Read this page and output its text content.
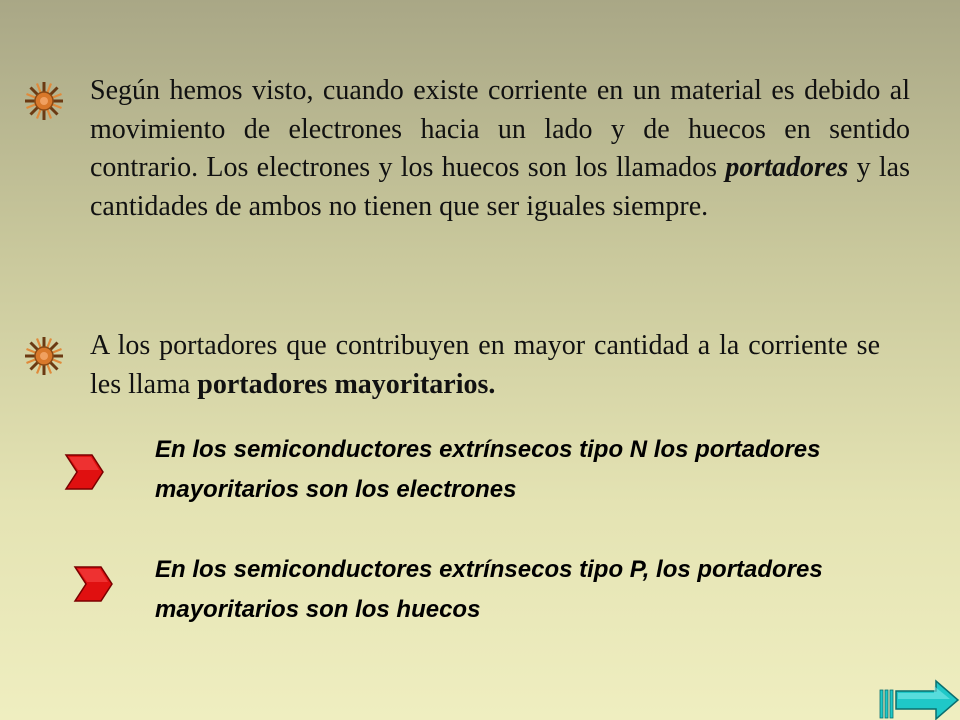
Según hemos visto, cuando existe corriente en un material es debido al movimiento de electrones hacia un lado y de huecos en sentido contrario. Los electrones y los huecos son los llamados portadores y las cantidades de ambos no tienen que ser iguales siempre.

A los portadores que contribuyen en mayor cantidad a la corriente se les llama portadores mayoritarios.

En los semiconductores extrínsecos tipo N los portadores mayoritarios son los electrones

En los semiconductores extrínsecos tipo P, los portadores mayoritarios son los huecos
